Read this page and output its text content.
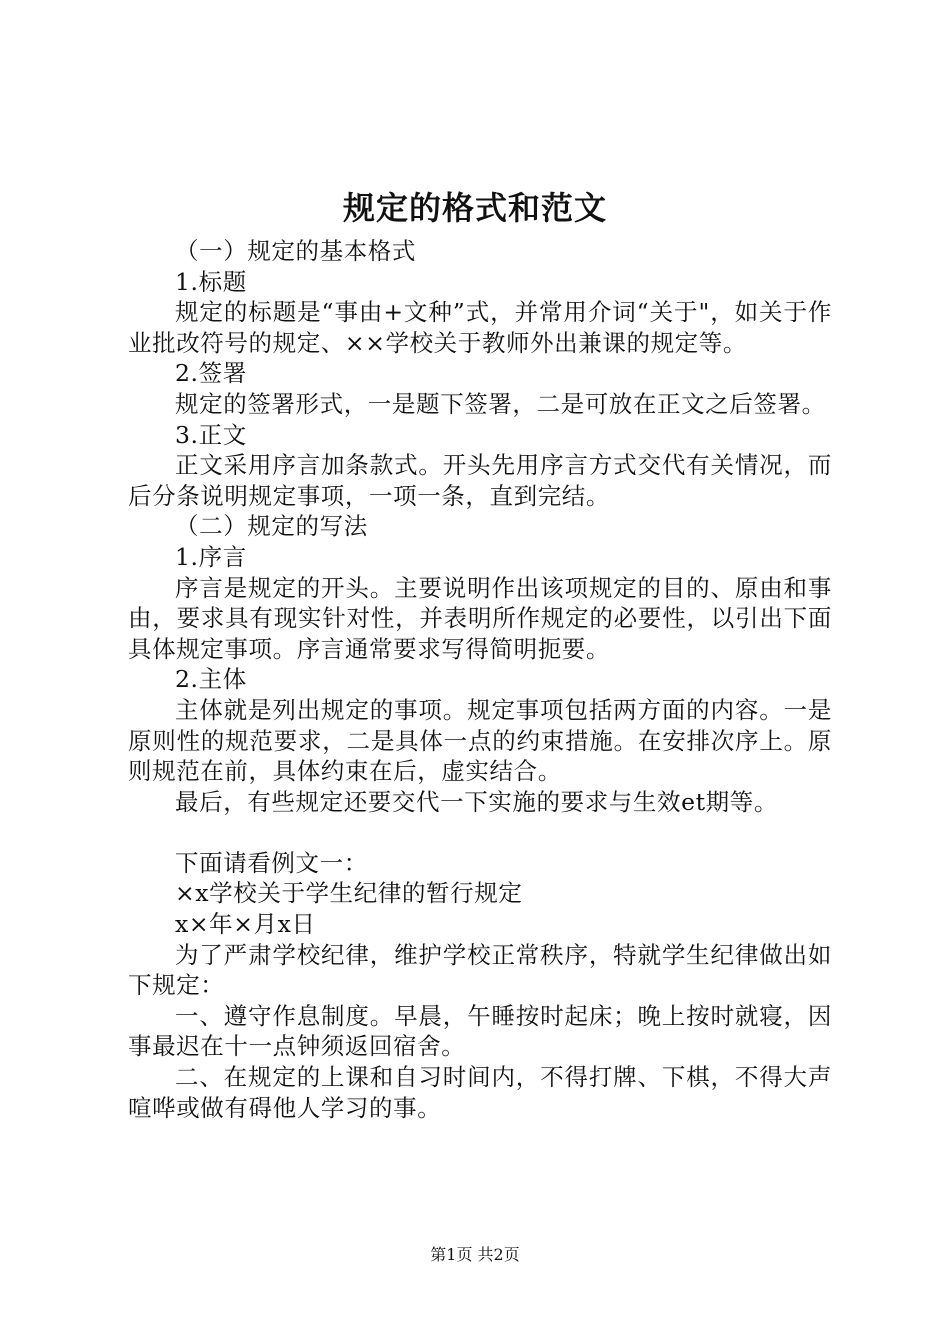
规定的格式和范文

（一）规定的基本格式

1.标题

规定的标题是“事由+文种”式，并常用介词“关于"，如关于作业批改符号的规定、××学校关于教师外出兼课的规定等。

2.签署

规定的签署形式，一是题下签署，二是可放在正文之后签署。

3.正文

正文采用序言加条款式。开头先用序言方式交代有关情况，而后分条说明规定事项，一项一条，直到完结。

（二）规定的写法

1.序言

序言是规定的开头。主要说明作出该项规定的目的、原由和事由，要求具有现实针对性，并表明所作规定的必要性，以引出下面具体规定事项。序言通常要求写得简明扼要。

2.主体

主体就是列出规定的事项。规定事项包括两方面的内容。一是原则性的规范要求，二是具体一点的约束措施。在安排次序上。原则规范在前，具体约束在后，虚实结合。

最后，有些规定还要交代一下实施的要求与生效et期等。

下面请看例文一：

×x学校关于学生纪律的暂行规定

x×年×月x日

为了严肃学校纪律，维护学校正常秩序，特就学生纪律做出如下规定：

一、遵守作息制度。早晨，午睡按时起床；晚上按时就寝，因事最迟在十一点钟须返回宿舍。

二、在规定的上课和自习时间内，不得打牌、下棋，不得大声喧哗或做有碍他人学习的事。

第1页 共2页
